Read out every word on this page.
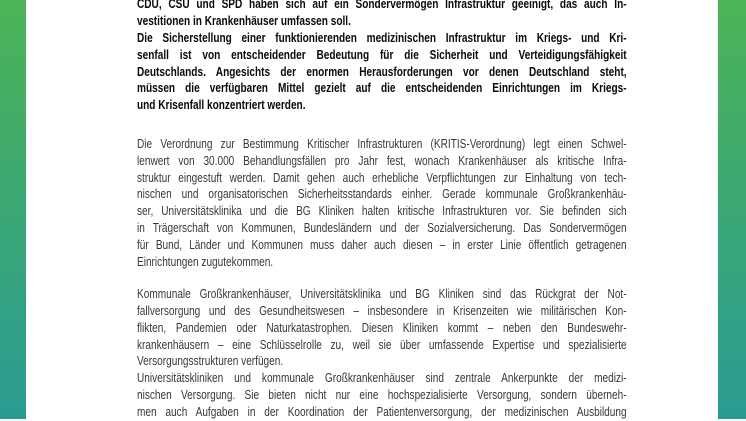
CDU, CSU und SPD haben sich auf ein Sondervermögen Infrastruktur geeinigt, das auch In-
vestitionen in Krankenhäuser umfassen soll.
Die Sicherstellung einer funktionierenden medizinischen Infrastruktur im Kriegs- und Kri-
senfall ist von entscheidender Bedeutung für die Sicherheit und Verteidigungsfähigkeit
Deutschlands. Angesichts der enormen Herausforderungen vor denen Deutschland steht,
müssen die verfügbaren Mittel gezielt auf die entscheidenden Einrichtungen im Kriegs-
und Krisenfall konzentriert werden.
Die Verordnung zur Bestimmung Kritischer Infrastrukturen (KRITIS-Verordnung) legt einen Schwel-
lenwert von 30.000 Behandlungsfällen pro Jahr fest, wonach Krankenhäuser als kritische Infra-
struktur eingestuft werden. Damit gehen auch erhebliche Verpflichtungen zur Einhaltung von tech-
nischen und organisatorischen Sicherheitsstandards einher. Gerade kommunale Großkrankenhäu-
ser, Universitätsklinika und die BG Kliniken halten kritische Infrastrukturen vor. Sie befinden sich
in Trägerschaft von Kommunen, Bundesländern und der Sozialversicherung. Das Sondervermögen
für Bund, Länder und Kommunen muss daher auch diesen – in erster Linie öffentlich getragenen
Einrichtungen zugutekommen.
Kommunale Großkrankenhäuser, Universitätsklinika und BG Kliniken sind das Rückgrat der Not-
fallversorgung und des Gesundheitswesen – insbesondere in Krisenzeiten wie militärischen Kon-
flikten, Pandemien oder Naturkatastrophen. Diesen Kliniken kommt – neben den Bundeswehr-
krankenhäusern – eine Schlüsselrolle zu, weil sie über umfassende Expertise und spezialisierte
Versorgungsstrukturen verfügen.
Universitätskliniken und kommunale Großkrankenhäuser sind zentrale Ankerpunkte der medizi-
nischen Versorgung. Sie bieten nicht nur eine hochspezialisierte Versorgung, sondern überneh-
men auch Aufgaben in der Koordination der Patientenversorgung, der medizinischen Ausbildung
